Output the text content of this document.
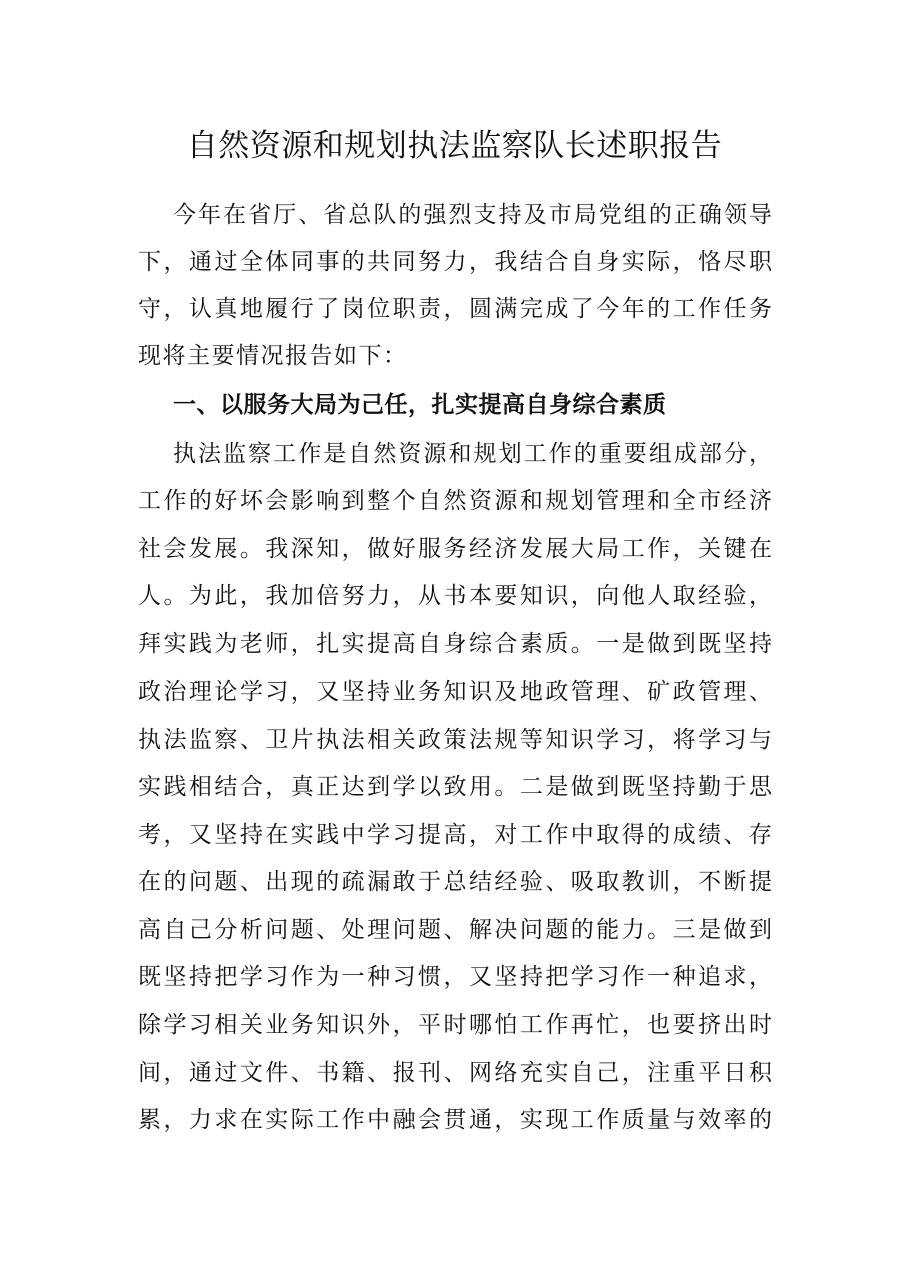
自然资源和规划执法监察队长述职报告
今年在省厅、省总队的强烈支持及市局党组的正确领导
下，通过全体同事的共同努力，我结合自身实际，恪尽职
守，认真地履行了岗位职责，圆满完成了今年的工作任务
现将主要情况报告如下：
一、以服务大局为己任，扎实提高自身综合素质
执法监察工作是自然资源和规划工作的重要组成部分，
工作的好坏会影响到整个自然资源和规划管理和全市经济
社会发展。我深知，做好服务经济发展大局工作，关键在
人。为此，我加倍努力，从书本要知识，向他人取经验，
拜实践为老师，扎实提高自身综合素质。一是做到既坚持
政治理论学习，又坚持业务知识及地政管理、矿政管理、
执法监察、卫片执法相关政策法规等知识学习，将学习与
实践相结合，真正达到学以致用。二是做到既坚持勤于思
考，又坚持在实践中学习提高，对工作中取得的成绩、存
在的问题、出现的疏漏敢于总结经验、吸取教训，不断提
高自己分析问题、处理问题、解决问题的能力。三是做到
既坚持把学习作为一种习惯，又坚持把学习作一种追求，
除学习相关业务知识外，平时哪怕工作再忙，也要挤出时
间，通过文件、书籍、报刊、网络充实自己，注重平日积
累，力求在实际工作中融会贯通，实现工作质量与效率的
